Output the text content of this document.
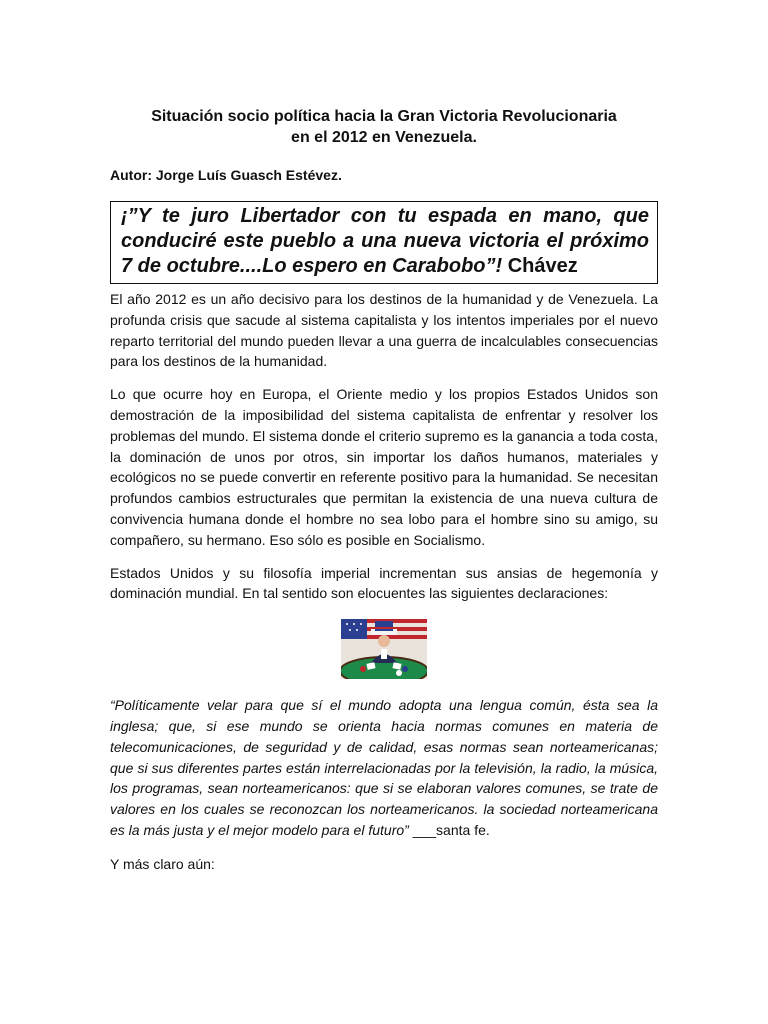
Situación socio política hacia la Gran Victoria Revolucionaria
en el 2012 en Venezuela.

Autor: Jorge Luís Guasch Estévez.

¡”Y te juro Libertador con tu espada en mano, que conduciré este pueblo a una nueva victoria el próximo 7 de octubre....Lo espero en Carabobo”! Chávez

El año 2012 es un año decisivo para los destinos de la humanidad y de Venezuela. La profunda crisis que sacude al sistema capitalista y los intentos imperiales por el nuevo reparto territorial del mundo pueden llevar a una guerra de incalculables consecuencias para los destinos de la humanidad.

Lo que ocurre hoy en Europa, el Oriente medio y los propios Estados Unidos son demostración de la imposibilidad del sistema capitalista de enfrentar y resolver los problemas del mundo. El sistema donde el criterio supremo es la ganancia a toda costa, la dominación de unos por otros, sin importar los daños humanos, materiales y ecológicos no se puede convertir en referente positivo para la humanidad. Se necesitan profundos cambios estructurales que permitan la existencia de una nueva cultura de convivencia humana donde el hombre no sea lobo para el hombre sino su amigo, su compañero, su hermano. Eso sólo es posible en Socialismo.

Estados Unidos y su filosofía imperial incrementan sus ansias de hegemonía y dominación mundial. En tal sentido son elocuentes las siguientes declaraciones:

“Políticamente velar para que sí el mundo adopta una lengua común, ésta sea la inglesa; que, si ese mundo se orienta hacia normas comunes en materia de telecomunicaciones, de seguridad y de calidad, esas normas sean norteamericanas; que si sus diferentes partes están interrelacionadas por la televisión, la radio, la música, los programas, sean norteamericanos: que si se elaboran valores comunes, se trate de valores en los cuales se reconozcan los norteamericanos. la sociedad norteamericana es la más justa y el mejor modelo para el futuro” ___santa fe.

Y más claro aún:
